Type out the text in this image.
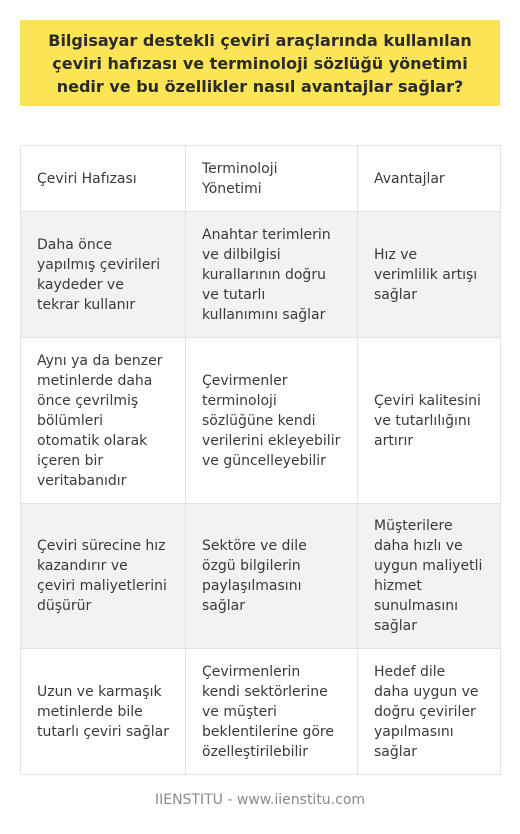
Bilgisayar destekli çeviri araçlarında kullanılan çeviri hafızası ve terminoloji sözlüğü yönetimi nedir ve bu özellikler nasıl avantajlar sağlar?
Çeviri Hafızası	Terminoloji Yönetimi	Avantajlar
Daha önce yapılmış çevirileri kaydeder ve tekrar kullanır	Anahtar terimlerin ve dilbilgisi kurallarının doğru ve tutarlı kullanımını sağlar	Hız ve verimlilik artışı sağlar
Aynı ya da benzer metinlerde daha önce çevrilmiş bölümleri otomatik olarak içeren bir veritabanıdır	Çevirmenler terminoloji sözlüğüne kendi verilerini ekleyebilir ve güncelleyebilir	Çeviri kalitesini ve tutarlılığını artırır
Çeviri sürecine hız kazandırır ve çeviri maliyetlerini düşürür	Sektöre ve dile özgü bilgilerin paylaşılmasını sağlar	Müşterilere daha hızlı ve uygun maliyetli hizmet sunulmasını sağlar
Uzun ve karmaşık metinlerde bile tutarlı çeviri sağlar	Çevirmenlerin kendi sektörlerine ve müşteri beklentilerine göre özelleştirilebilir	Hedef dile daha uygun ve doğru çeviriler yapılmasını sağlar
IIENSTITU - www.iienstitu.com
